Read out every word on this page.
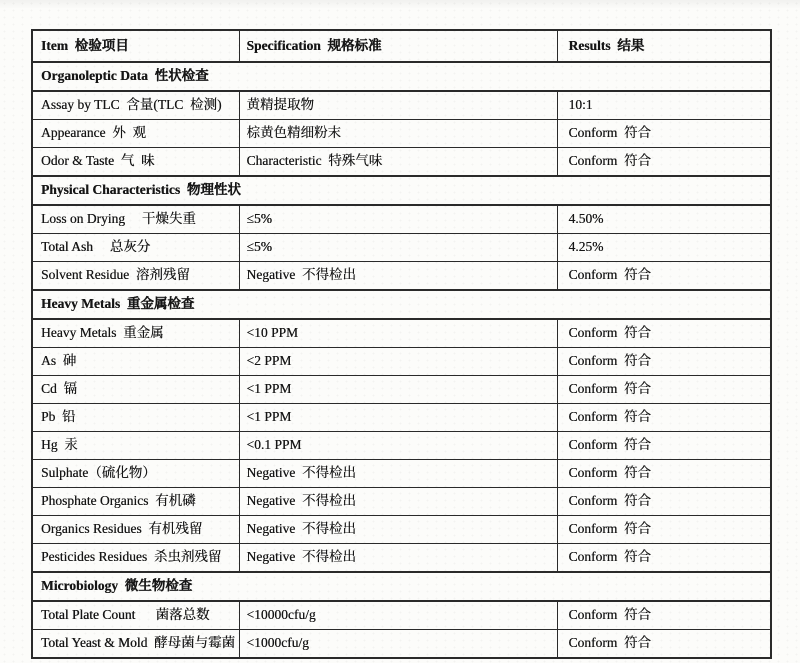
Item  检验项目	Specification  规格标准	Results  结果
Organoleptic Data  性状检查		
Assay by TLC  含量(TLC  检测)	黄精提取物	10:1
Appearance  外  观	棕黄色精细粉末	Conform  符合
Odor & Taste  气  味	Characteristic  特殊气味	Conform  符合
Physical Characteristics  物理性状		
Loss on Drying     干燥失重	≤5%	4.50%
Total Ash     总灰分	≤5%	4.25%
Solvent Residue  溶剂残留	Negative  不得检出	Conform  符合
Heavy Metals  重金属检查		
Heavy Metals  重金属	<10 PPM	Conform  符合
As  砷	<2 PPM	Conform  符合
Cd  镉	<1 PPM	Conform  符合
Pb  铅	<1 PPM	Conform  符合
Hg  汞	<0.1 PPM	Conform  符合
Sulphate（硫化物）	Negative  不得检出	Conform  符合
Phosphate Organics  有机磷	Negative  不得检出	Conform  符合
Organics Residues  有机残留	Negative  不得检出	Conform  符合
Pesticides Residues  杀虫剂残留	Negative  不得检出	Conform  符合
Microbiology  微生物检查		
Total Plate Count      菌落总数	<10000cfu/g	Conform  符合
Total Yeast & Mold  酵母菌与霉菌	<1000cfu/g	Conform  符合
